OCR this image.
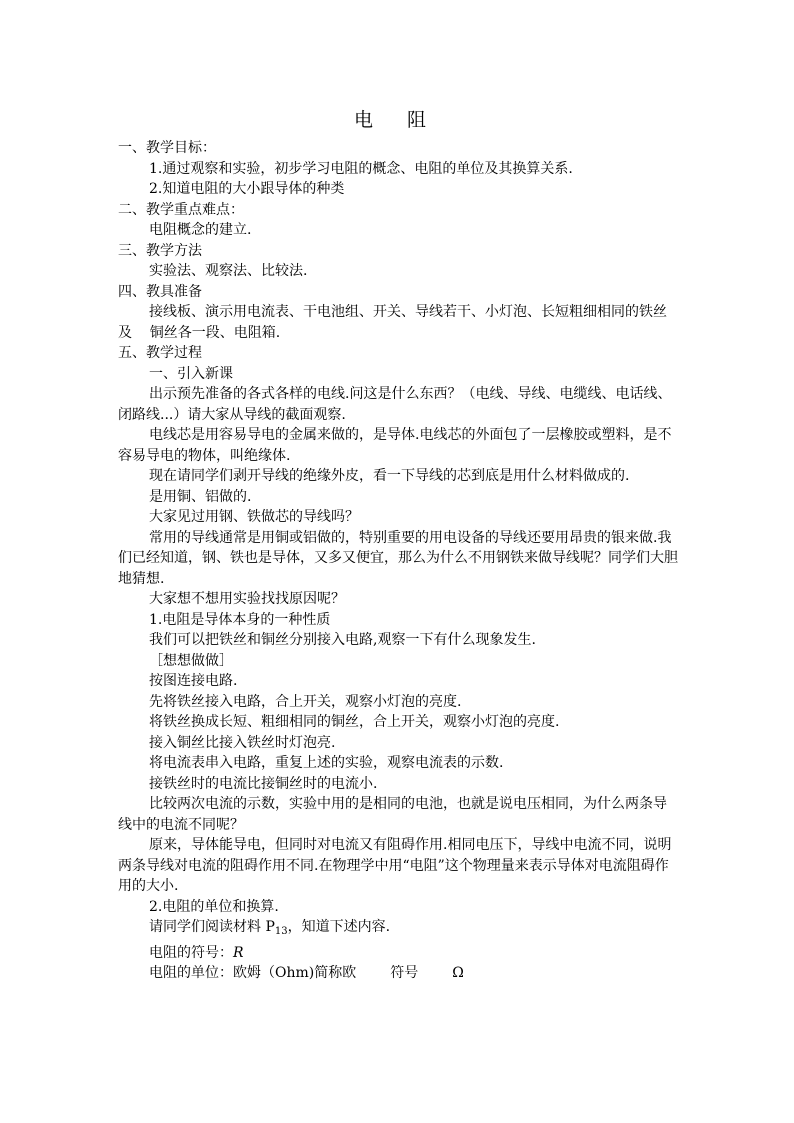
电 阻

一、教学目标：

1.通过观察和实验，初步学习电阻的概念、电阻的单位及其换算关系.

2.知道电阻的大小跟导体的种类

二、教学重点难点：

电阻概念的建立.

三、教学方法

实验法、观察法、比较法.

四、教具准备

接线板、演示用电流表、干电池组、开关、导线若干、小灯泡、长短粗细相同的铁丝及    铜丝各一段、电阻箱.

五、教学过程

一、引入新课

出示预先准备的各式各样的电线.问这是什么东西？（电线、导线、电缆线、电话线、闭路线...）请大家从导线的截面观察.

电线芯是用容易导电的金属来做的，是导体.电线芯的外面包了一层橡胶或塑料，是不容易导电的物体，叫绝缘体.

现在请同学们剥开导线的绝缘外皮，看一下导线的芯到底是用什么材料做成的.

是用铜、铝做的.

大家见过用钢、铁做芯的导线吗？

常用的导线通常是用铜或铝做的，特别重要的用电设备的导线还要用昂贵的银来做.我们已经知道，钢、铁也是导体，又多又便宜，那么为什么不用钢铁来做导线呢？同学们大胆地猜想.

大家想不想用实验找找原因呢？

1.电阻是导体本身的一种性质

我们可以把铁丝和铜丝分别接入电路,观察一下有什么现象发生.

［想想做做］

按图连接电路.

先将铁丝接入电路，合上开关，观察小灯泡的亮度.

将铁丝换成长短、粗细相同的铜丝，合上开关，观察小灯泡的亮度.

接入铜丝比接入铁丝时灯泡亮.

将电流表串入电路，重复上述的实验，观察电流表的示数.

接铁丝时的电流比接铜丝时的电流小.

比较两次电流的示数，实验中用的是相同的电池，也就是说电压相同，为什么两条导线中的电流不同呢？

原来，导体能导电，但同时对电流又有阻碍作用.相同电压下，导线中电流不同，说明两条导线对电流的阻碍作用不同.在物理学中用“电阻”这个物理量来表示导体对电流阻碍作用的大小.

2.电阻的单位和换算.

请同学们阅读材料 $P_{13}$，知道下述内容.

电阻的符号：R

电阻的单位：欧姆（Ohm)简称欧 符号 Ω
